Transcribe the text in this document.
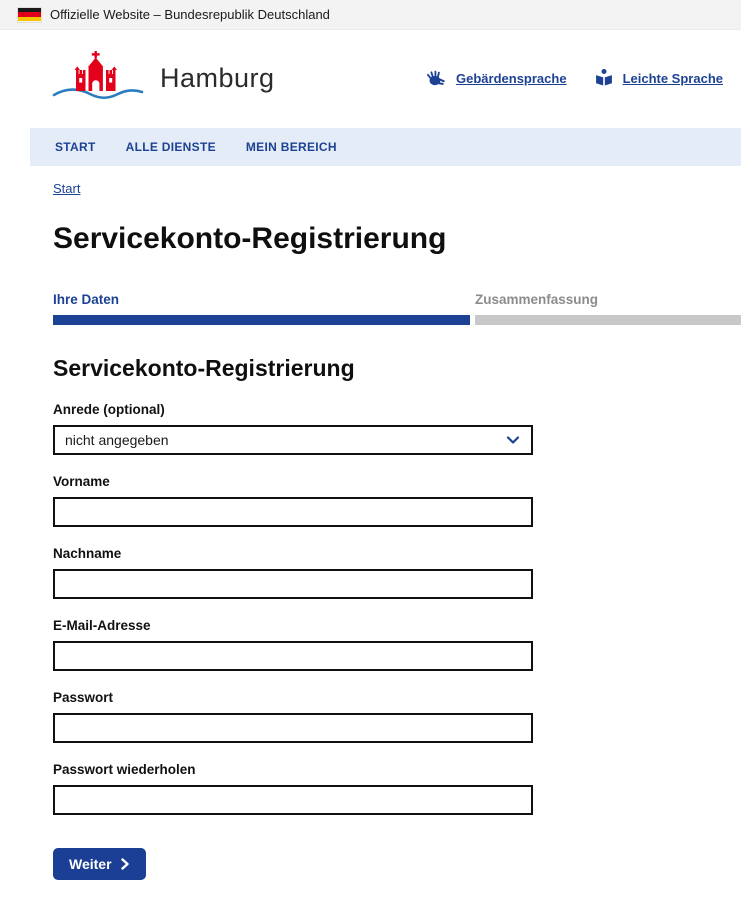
Offizielle Website – Bundesrepublik Deutschland
Hamburg	Gebärdensprache	Leichte Sprache
START	ALLE DIENSTE	MEIN BEREICH
Start
Servicekonto-Registrierung
Ihre Daten	Zusammenfassung
Servicekonto-Registrierung
Anrede (optional)
nicht angegeben
Vorname
Nachname
E-Mail-Adresse
Passwort
Passwort wiederholen
Weiter
